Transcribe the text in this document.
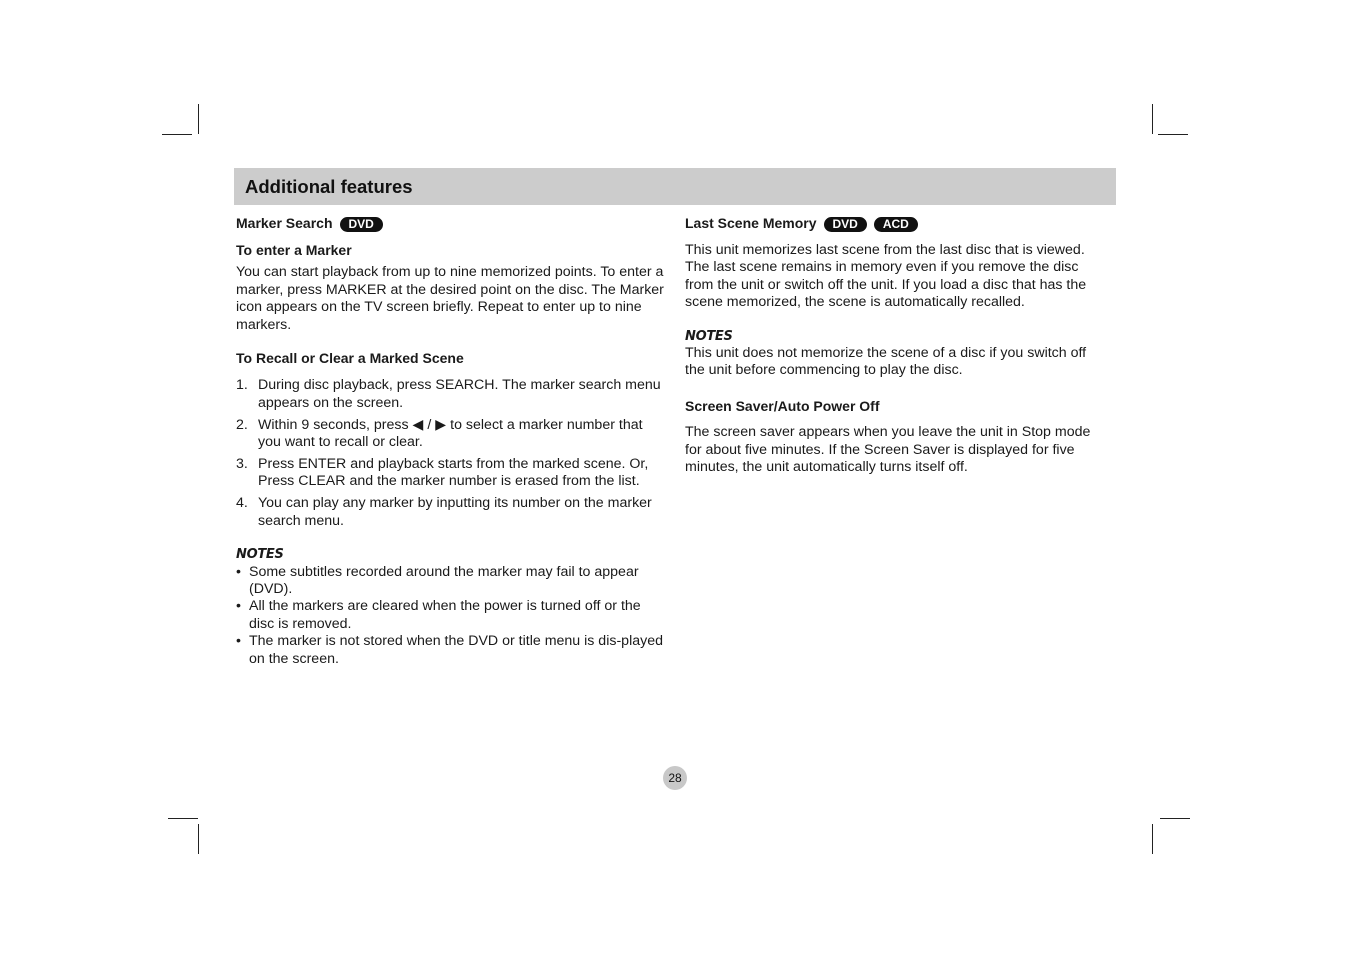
Additional features
Marker Search	DVD
To enter a Marker

You can start playback from up to nine memorized points. To enter a marker, press MARKER at the desired point on the disc. The Marker icon appears on the TV screen briefly. Repeat to enter up to nine markers.

To Recall or Clear a Marked Scene
1. During disc playback, press SEARCH. The marker search menu appears on the screen.
2. Within 9 seconds, press ◀ / ▶ to select a marker number that you want to recall or clear.
3. Press ENTER and playback starts from the marked scene. Or, Press CLEAR and the marker number is erased from the list.
4. You can play any marker by inputting its number on the marker search menu.
NOTES
• Some subtitles recorded around the marker may fail to appear (DVD).
• All the markers are cleared when the power is turned off or the disc is removed.
• The marker is not stored when the DVD or title menu is dis-played on the screen.
Last Scene Memory	DVD	ACD

This unit memorizes last scene from the last disc that is viewed. The last scene remains in memory even if you remove the disc from the unit or switch off the unit. If you load a disc that has the scene memorized, the scene is automatically recalled.

NOTES

This unit does not memorize the scene of a disc if you switch off the unit before commencing to play the disc.

Screen Saver/Auto Power Off

The screen saver appears when you leave the unit in Stop mode for about five minutes. If the Screen Saver is displayed for five minutes, the unit automatically turns itself off.

28
